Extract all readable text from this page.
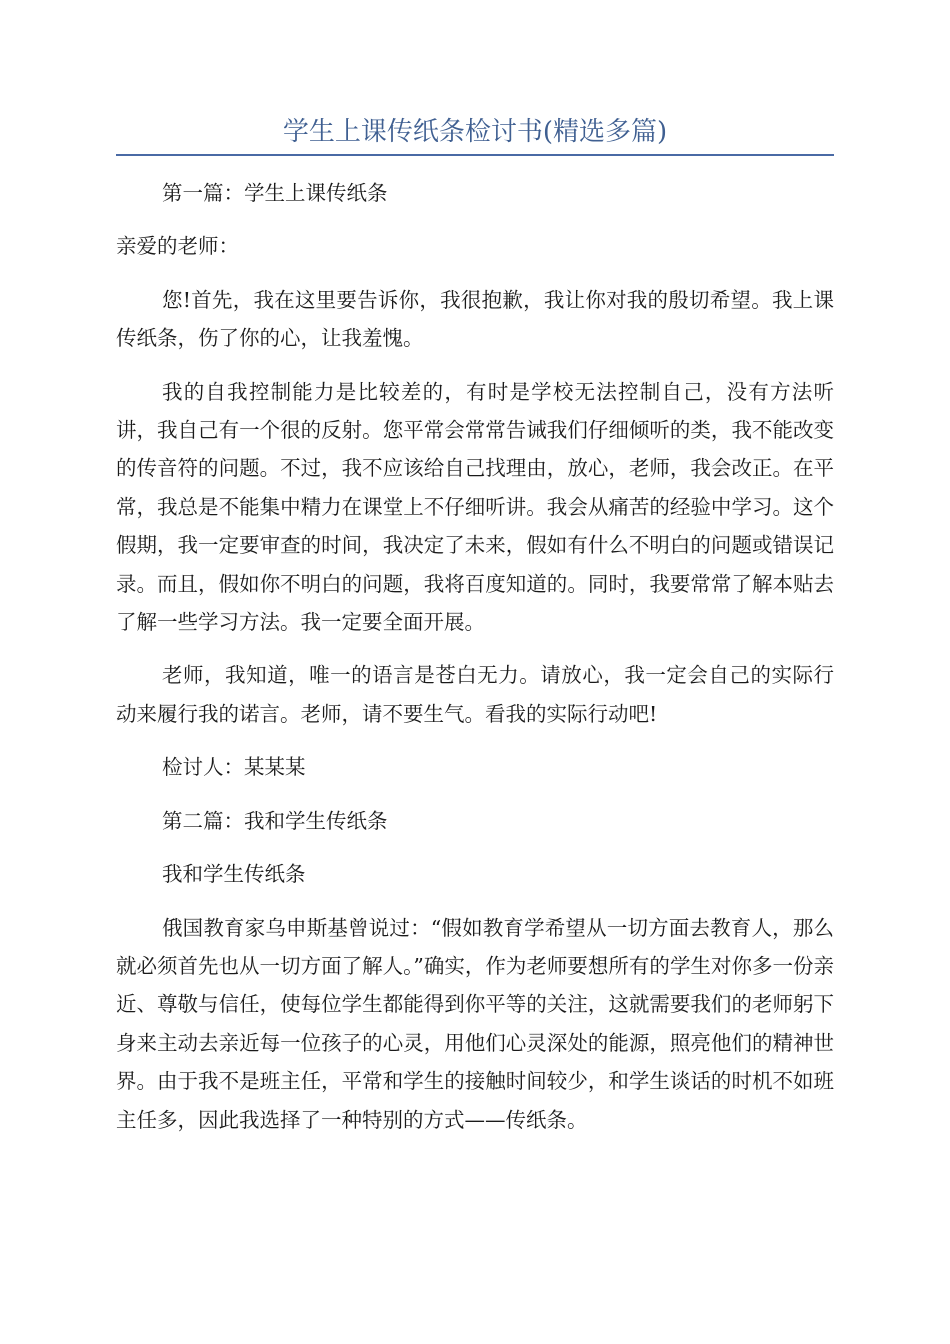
学生上课传纸条检讨书(精选多篇)

第一篇：学生上课传纸条

亲爱的老师：

您!首先，我在这里要告诉你，我很抱歉，我让你对我的殷切希望。我上课传纸条，伤了你的心，让我羞愧。

我的自我控制能力是比较差的，有时是学校无法控制自己，没有方法听讲，我自己有一个很的反射。您平常会常常告诫我们仔细倾听的类，我不能改变的传音符的问题。不过，我不应该给自己找理由，放心，老师，我会改正。在平常，我总是不能集中精力在课堂上不仔细听讲。我会从痛苦的经验中学习。这个假期，我一定要审查的时间，我决定了未来，假如有什么不明白的问题或错误记录。而且，假如你不明白的问题，我将百度知道的。同时，我要常常了解本贴去了解一些学习方法。我一定要全面开展。

老师，我知道，唯一的语言是苍白无力。请放心，我一定会自己的实际行动来履行我的诺言。老师，请不要生气。看我的实际行动吧!

检讨人：某某某

第二篇：我和学生传纸条

我和学生传纸条

俄国教育家乌申斯基曾说过：“假如教育学希望从一切方面去教育人，那么就必须首先也从一切方面了解人。”确实，作为老师要想所有的学生对你多一份亲近、尊敬与信任，使每位学生都能得到你平等的关注，这就需要我们的老师躬下身来主动去亲近每一位孩子的心灵，用他们心灵深处的能源，照亮他们的精神世界。由于我不是班主任，平常和学生的接触时间较少，和学生谈话的时机不如班主任多，因此我选择了一种特别的方式——传纸条。
